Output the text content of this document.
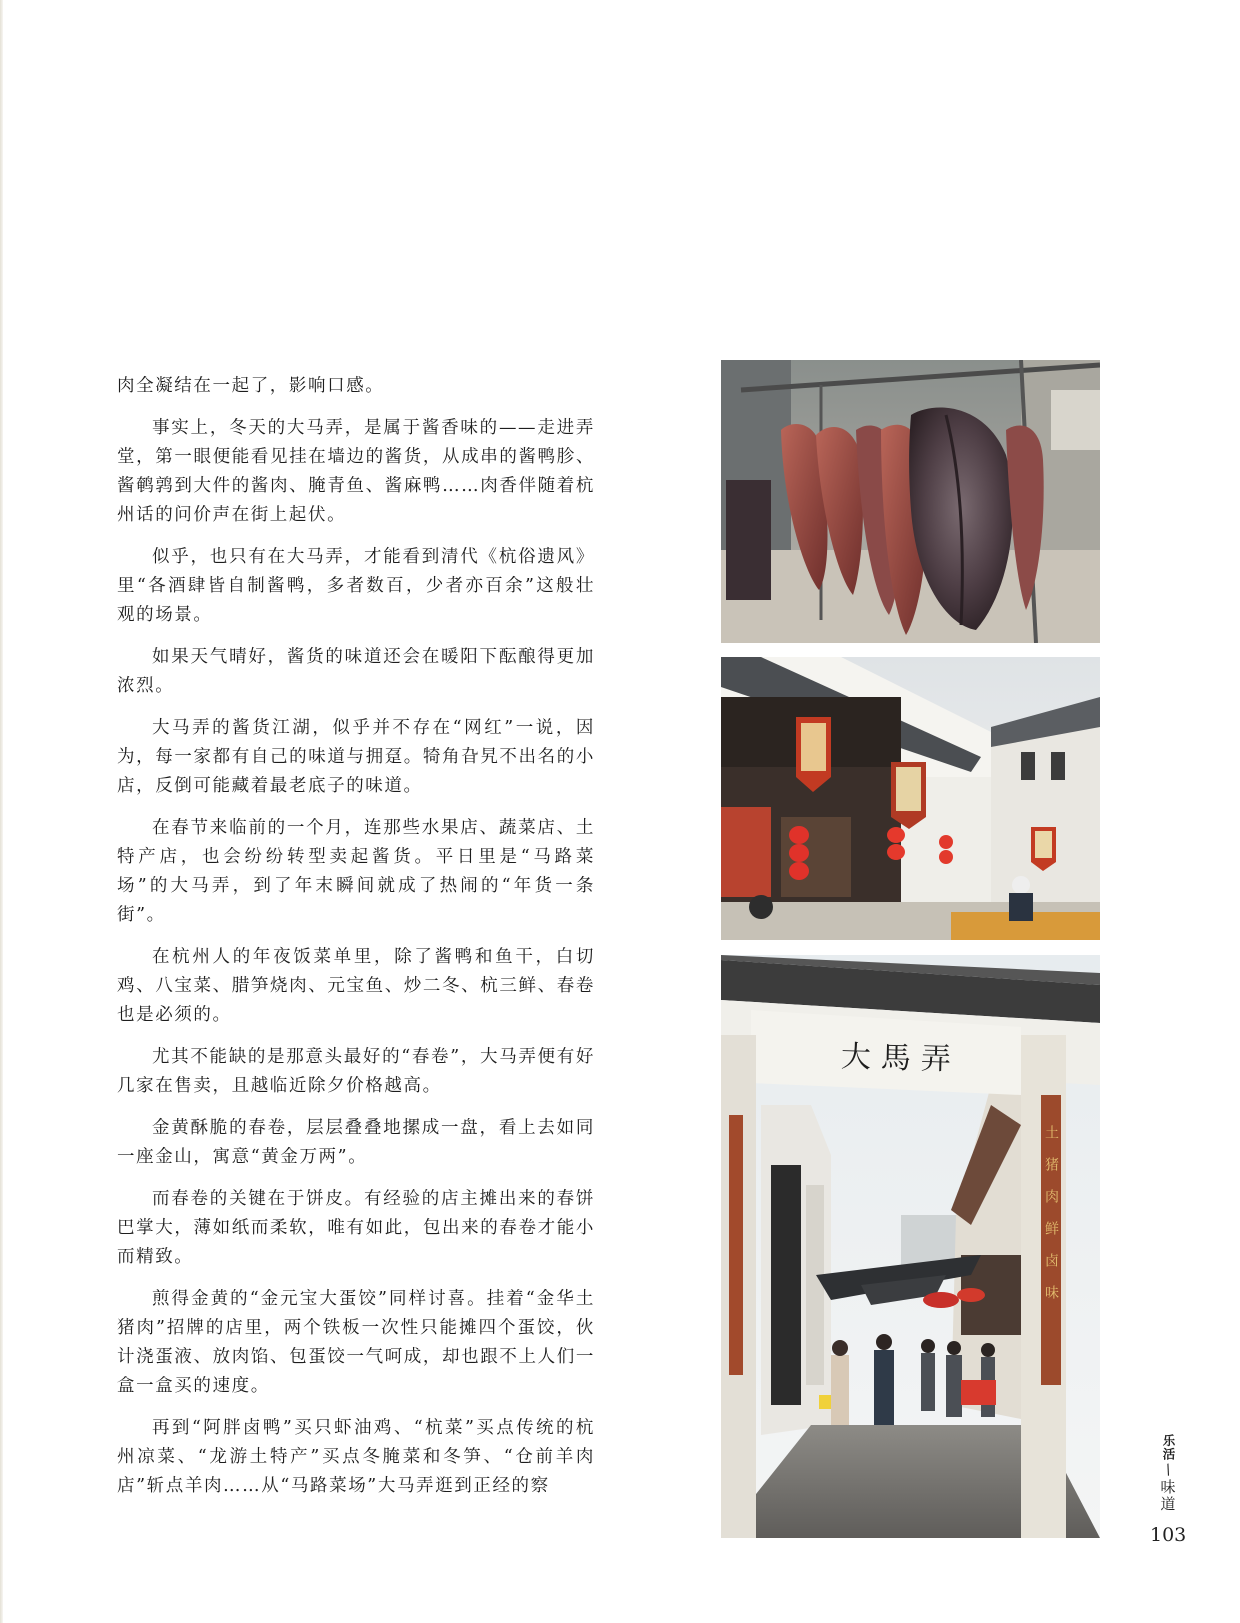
肉全凝结在一起了，影响口感。

事实上，冬天的大马弄，是属于酱香味的——走进弄堂，第一眼便能看见挂在墙边的酱货，从成串的酱鸭胗、酱鹌鹑到大件的酱肉、腌青鱼、酱麻鸭……肉香伴随着杭州话的问价声在街上起伏。

似乎，也只有在大马弄，才能看到清代《杭俗遗风》里“各酒肆皆自制酱鸭，多者数百，少者亦百余”这般壮观的场景。

如果天气晴好，酱货的味道还会在暖阳下酝酿得更加浓烈。

大马弄的酱货江湖，似乎并不存在“网红”一说，因为，每一家都有自己的味道与拥趸。犄角旮旯不出名的小店，反倒可能藏着最老底子的味道。

在春节来临前的一个月，连那些水果店、蔬菜店、土特产店，也会纷纷转型卖起酱货。平日里是“马路菜场”的大马弄，到了年末瞬间就成了热闹的“年货一条街”。

在杭州人的年夜饭菜单里，除了酱鸭和鱼干，白切鸡、八宝菜、腊笋烧肉、元宝鱼、炒二冬、杭三鲜、春卷也是必须的。

尤其不能缺的是那意头最好的“春卷”，大马弄便有好几家在售卖，且越临近除夕价格越高。

金黄酥脆的春卷，层层叠叠地摞成一盘，看上去如同一座金山，寓意“黄金万两”。

而春卷的关键在于饼皮。有经验的店主摊出来的春饼巴掌大，薄如纸而柔软，唯有如此，包出来的春卷才能小而精致。

煎得金黄的“金元宝大蛋饺”同样讨喜。挂着“金华土猪肉”招牌的店里，两个铁板一次性只能摊四个蛋饺，伙计浇蛋液、放肉馅、包蛋饺一气呵成，却也跟不上人们一盒一盒买的速度。

再到“阿胖卤鸭”买只虾油鸡、“杭菜”买点传统的杭州凉菜、“龙游土特产”买点冬腌菜和冬笋、“仓前羊肉店”斩点羊肉……从“马路菜场”大马弄逛到正经的察

大馬弄
土猪肉鲜卤味
乐活
/
味道
103
